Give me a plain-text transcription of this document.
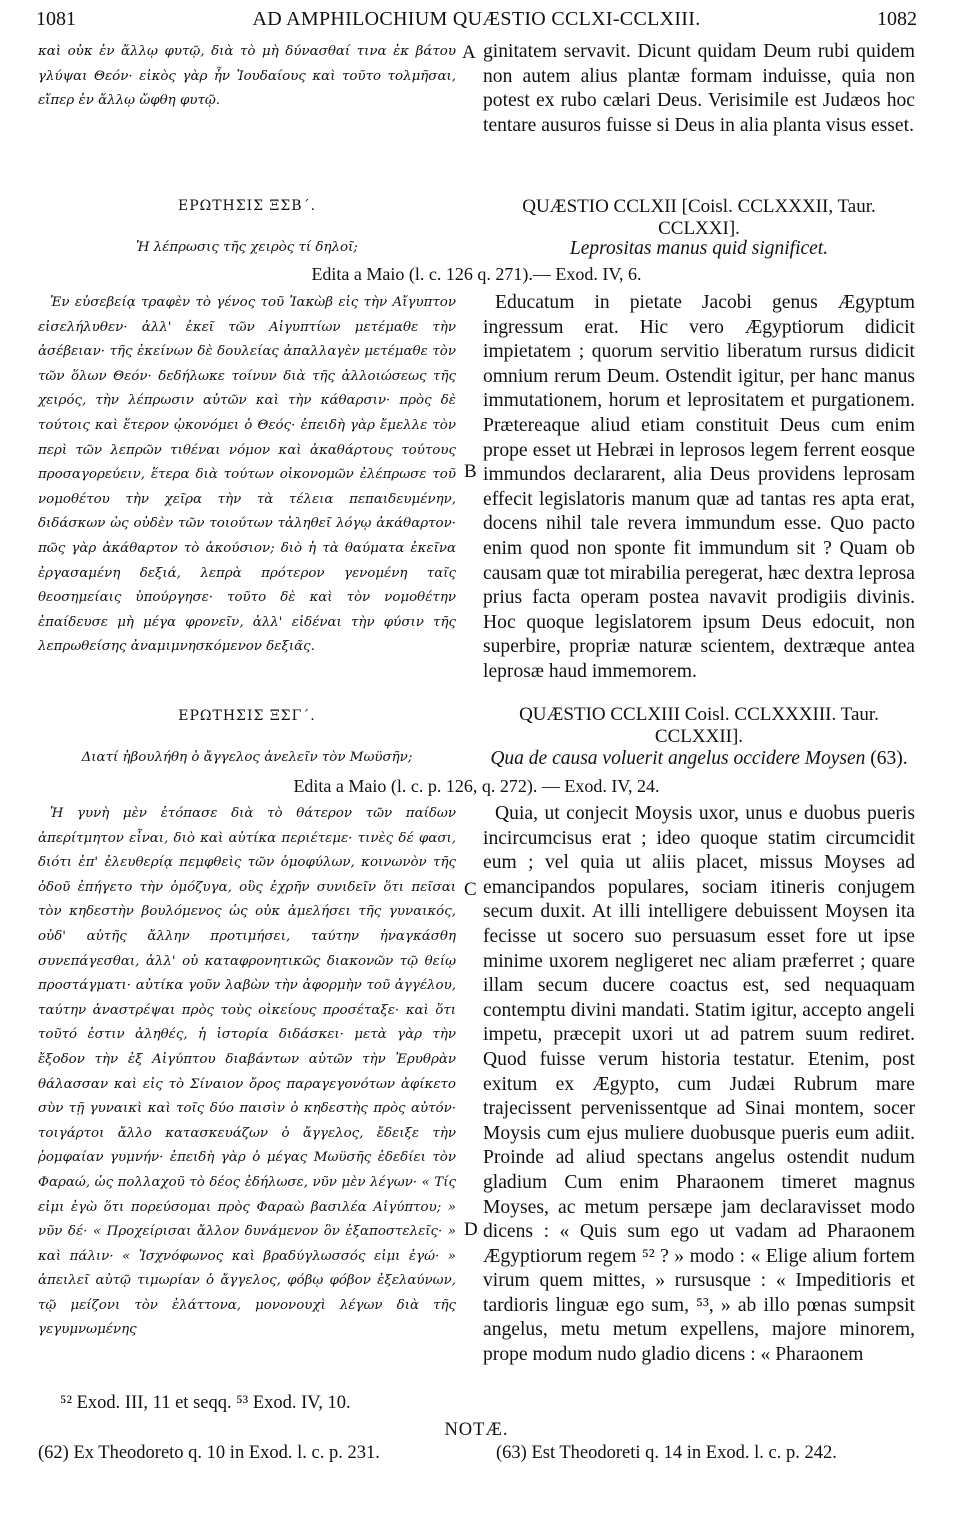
1081	AD AMPHILOCHIUM QUÆSTIO CCLXI-CCLXIII.	1082

καὶ οὐκ ἐν ἄλλῳ φυτῷ, διὰ τὸ μὴ δύνασθαί τινα ἐκ βάτου γλύψαι Θεόν· εἰκὸς γὰρ ἦν Ἰουδαίους καὶ τοῦτο τολμῆσαι, εἴπερ ἐν ἄλλῳ ὤφθη φυτῷ.

A ginitatem servavit. Dicunt quidam Deum rubi quidem non autem alius plantæ formam induisse, quia non potest ex rubo cælari Deus. Verisimile est Judæos hoc tentare ausuros fuisse si Deus in alia planta visus esset.

ΕΡΩΤΗΣΙΣ ΞΣΒ΄.	QUÆSTIO CCLXII [Coisl. CCLXXXII, Taur. CCLXXI].
Ἡ λέπρωσις τῆς χειρὸς τί δηλοῖ;	Leprositas manus quid significet.
Edita a Maio (l. c. 126 q. 271).— Exod. IV, 6.

Ἐν εὐσεβείᾳ τραφὲν τὸ γένος τοῦ Ἰακὼβ εἰς τὴν Αἴγυπτον εἰσελήλυθεν· ἀλλ' ἐκεῖ τῶν Αἰγυπτίων μετέμαθε τὴν ἀσέβειαν· τῆς ἐκείνων δὲ δουλείας ἀπαλλαγὲν μετέμαθε τὸν τῶν ὅλων Θεόν· δεδήλωκε τοίνυν διὰ τῆς ἀλλοιώσεως τῆς χειρός, τὴν λέπρωσιν αὐτῶν καὶ τὴν κάθαρσιν· πρὸς δὲ τούτοις καὶ ἕτερον ᾠκονόμει ὁ Θεός· ἐπειδὴ γὰρ ἔμελλε τὸν περὶ τῶν λεπρῶν τιθέναι νόμον καὶ ἀκαθάρτους τούτους προσαγορεύειν, ἕτερα διὰ τούτων οἰκονομῶν ἐλέπρωσε τοῦ νομοθέτου τὴν χεῖρα τὴν τὰ τέλεια πεπαιδευμένην, διδάσκων ὡς οὐδὲν τῶν τοιούτων τἀληθεῖ λόγῳ ἀκάθαρτον· πῶς γὰρ ἀκάθαρτον τὸ ἀκούσιον; διὸ ἡ τὰ θαύματα ἐκεῖνα ἐργασαμένη δεξιά, λεπρὰ πρότερον γενομένη ταῖς θεοσημείαις ὑπούργησε· τοῦτο δὲ καὶ τὸν νομοθέτην ἐπαίδευσε μὴ μέγα φρονεῖν, ἀλλ' εἰδέναι τὴν φύσιν τῆς λεπρωθείσης ἀναμιμνησκόμενον δεξιᾶς.

B

Educatum in pietate Jacobi genus Ægyptum ingressum erat. Hic vero Ægyptiorum didicit impietatem ; quorum servitio liberatum rursus didicit omnium rerum Deum. Ostendit igitur, per hanc manus immutationem, horum et leprositatem et purgationem. Prætereaque aliud etiam constituit Deus cum enim prope esset ut Hebræi in leprosos legem ferrent eosque immundos declararent, alia Deus providens leprosam effecit legislatoris manum quæ ad tantas res apta erat, docens nihil tale revera immundum esse. Quo pacto enim quod non sponte fit immundum sit ? Quam ob causam quæ tot mirabilia peregerat, hæc dextra leprosa prius facta operam postea navavit prodigiis divinis. Hoc quoque legislatorem ipsum Deus edocuit, non superbire, propriæ naturæ scientem, dextræque antea leprosæ haud immemorem.

ΕΡΩΤΗΣΙΣ ΞΣΓ΄.	QUÆSTIO CCLXIII Coisl. CCLXXXIII. Taur. CCLXXII].
Διατί ἠβουλήθη ὁ ἄγγελος ἀνελεῖν τὸν Μωϋσῆν;	Qua de causa voluerit angelus occidere Moysen (63).
Edita a Maio (l. c. p. 126, q. 272). — Exod. IV, 24.

Ἡ γυνὴ μὲν ἐτόπασε διὰ τὸ θάτερον τῶν παίδων ἀπερίτμητον εἶναι, διὸ καὶ αὐτίκα περιέτεμε· τινὲς δέ φασι, διότι ἐπ' ἐλευθερίᾳ πεμφθεὶς τῶν ὁμοφύλων, κοινωνὸν τῆς ὁδοῦ ἐπήγετο τὴν ὁμόζυγα, οὓς ἐχρῆν συνιδεῖν ὅτι πεῖσαι τὸν κηδεστὴν βουλόμενος ὡς οὐκ ἀμελήσει τῆς γυναικός, οὐδ' αὐτῆς ἄλλην προτιμήσει, ταύτην ἠναγκάσθη συνεπάγεσθαι, ἀλλ' οὐ καταφρονητικῶς διακονῶν τῷ θείῳ προστάγματι· αὐτίκα γοῦν λαβὼν τὴν ἀφορμὴν τοῦ ἀγγέλου, ταύτην ἀναστρέψαι πρὸς τοὺς οἰκείους προσέταξε· καὶ ὅτι τοῦτό ἐστιν ἀληθές, ἡ ἱστορία διδάσκει· μετὰ γὰρ τὴν ἔξοδον τὴν ἐξ Αἰγύπτου διαβάντων αὐτῶν τὴν Ἐρυθρὰν θάλασσαν καὶ εἰς τὸ Σίναιον ὄρος παραγεγονότων ἀφίκετο σὺν τῇ γυναικὶ καὶ τοῖς δύο παισὶν ὁ κηδεστὴς πρὸς αὐτόν· τοιγάρτοι ἄλλο κατασκευάζων ὁ ἄγγελος, ἔδειξε τὴν ῥομφαίαν γυμνήν· ἐπειδὴ γὰρ ὁ μέγας Μωϋσῆς ἐδεδίει τὸν Φαραώ, ὡς πολλαχοῦ τὸ δέος ἐδήλωσε, νῦν μὲν λέγων· « Τίς εἰμι ἐγὼ ὅτι πορεύσομαι πρὸς Φαραὼ βασιλέα Αἰγύπτου; » νῦν δέ· « Προχείρισαι ἄλλον δυνάμενον ὃν ἐξαποστελεῖς· » καὶ πάλιν· « Ἰσχνόφωνος καὶ βραδύγλωσσός εἰμι ἐγώ· » ἀπειλεῖ αὐτῷ τιμωρίαν ὁ ἄγγελος, φόβῳ φόβον ἐξελαύνων, τῷ μείζονι τὸν ἐλάττονα, μονονουχὶ λέγων διὰ τῆς γεγυμνωμένης

C
D

Quia, ut conjecit Moysis uxor, unus e duobus pueris incircumcisus erat ; ideo quoque statim circumcidit eum ; vel quia ut aliis placet, missus Moyses ad emancipandos populares, sociam itineris conjugem secum duxit. At illi intelligere debuissent Moysen ita fecisse ut socero suo persuasum esset fore ut ipse minime uxorem negligeret nec aliam præferret ; quare illam secum ducere coactus est, sed nequaquam contemptu divini mandati. Statim igitur, accepto angeli impetu, præcepit uxori ut ad patrem suum rediret. Quod fuisse verum historia testatur. Etenim, post exitum ex Ægypto, cum Judæi Rubrum mare trajecissent pervenissentque ad Sinai montem, socer Moysis cum ejus muliere duobusque pueris eum adiit. Proinde ad aliud spectans angelus ostendit nudum gladium Cum enim Pharaonem timeret magnus Moyses, ac metum persæpe jam declaravisset modo dicens : « Quis sum ego ut vadam ad Pharaonem Ægyptiorum regem ⁵² ? » modo : « Elige alium fortem virum quem mittes, » rursusque : « Impeditioris et tardioris linguæ ego sum, ⁵³, » ab illo pœnas sumpsit angelus, metu metum expellens, majore minorem, prope modum nudo gladio dicens : « Pharaonem

⁵² Exod. III, 11 et seqq. ⁵³ Exod. IV, 10.
NOTÆ.
(62) Ex Theodoreto q. 10 in Exod. l. c. p. 231.	(63) Est Theodoreti q. 14 in Exod. l. c. p. 242.
